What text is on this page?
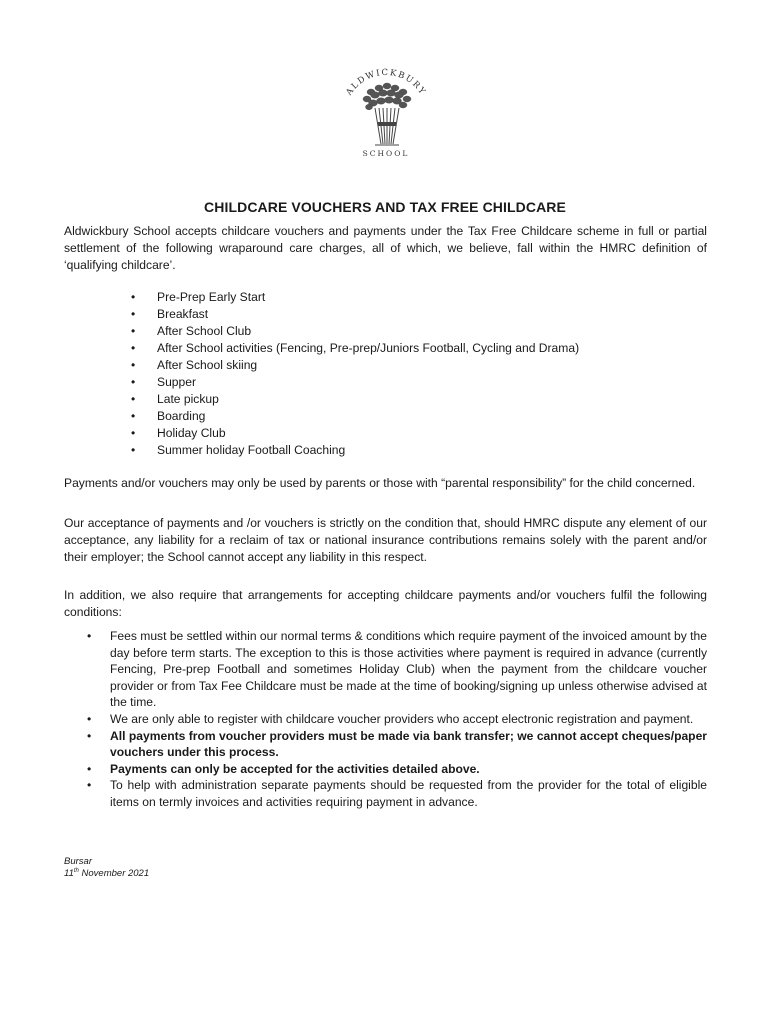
ALDWICKBURY
SCHOOL
CHILDCARE VOUCHERS AND TAX FREE CHILDCARE

Aldwickbury School accepts childcare vouchers and payments under the Tax Free Childcare scheme in full or partial settlement of the following wraparound care charges, all of which, we believe, fall within the HMRC definition of ‘qualifying childcare’.

• Pre-Prep Early Start
• Breakfast
• After School Club
• After School activities (Fencing, Pre-prep/Juniors Football, Cycling and Drama)
• After School skiing
• Supper
• Late pickup
• Boarding
• Holiday Club
• Summer holiday Football Coaching

Payments and/or vouchers may only be used by parents or those with “parental responsibility” for the child concerned.

Our acceptance of payments and /or vouchers is strictly on the condition that, should HMRC dispute any element of our acceptance, any liability for a reclaim of tax or national insurance contributions remains solely with the parent and/or their employer; the School cannot accept any liability in this respect.

In addition, we also require that arrangements for accepting childcare payments and/or vouchers fulfil the following conditions:

• Fees must be settled within our normal terms & conditions which require payment of the invoiced amount by the day before term starts. The exception to this is those activities where payment is required in advance (currently Fencing, Pre-prep Football and sometimes Holiday Club) when the payment from the childcare voucher provider or from Tax Fee Childcare must be made at the time of booking/signing up unless otherwise advised at the time.
• We are only able to register with childcare voucher providers who accept electronic registration and payment.
• All payments from voucher providers must be made via bank transfer; we cannot accept cheques/paper vouchers under this process.
• Payments can only be accepted for the activities detailed above.
• To help with administration separate payments should be requested from the provider for the total of eligible items on termly invoices and activities requiring payment in advance.
Bursar
11th November 2021
